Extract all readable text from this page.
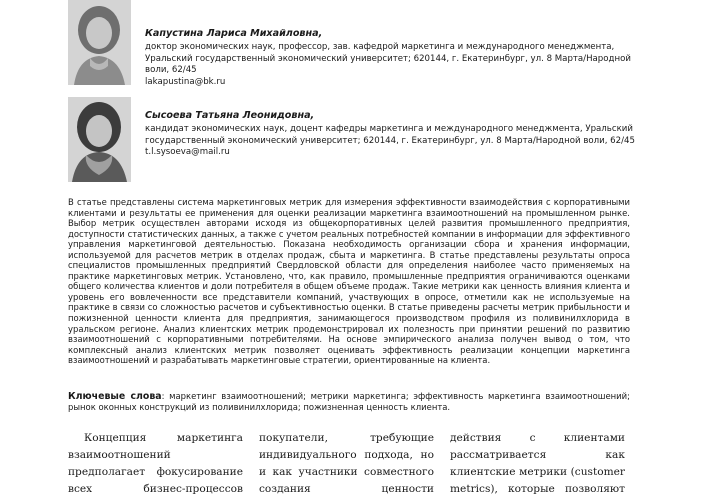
Капустина Лариса Михайловна,
доктор экономических наук, профессор, зав. кафедрой маркетинга и международного менеджмента, Уральский государственный экономический университет; 620144, г. Екатеринбург, ул. 8 Марта/Народной воли, 62/45
lakapustina@bk.ru
Сысоева Татьяна Леонидовна,
кандидат экономических наук, доцент кафедры маркетинга и международного менеджмента, Уральский государственный экономический университет; 620144, г. Екатеринбург, ул. 8 Марта/Народной воли, 62/45
t.l.sysoeva@mail.ru
В статье представлены система маркетинговых метрик для измерения эффективности взаимодействия с корпоративными клиентами и результаты ее применения для оценки реализации маркетинга взаимоотношений на промышленном рынке. Выбор метрик осуществлен авторами исходя из общекорпоративных целей развития промышленного предприятия, доступности статистических данных, а также с учетом реальных потребностей компании в информации для эффективного управления маркетинговой деятельностью. Показана необходимость организации сбора и хранения информации, используемой для расчетов метрик в отделах продаж, сбыта и маркетинга. В статье представлены результаты опроса специалистов промышленных предприятий Свердловской области для определения наиболее часто применяемых на практике маркетинговых метрик. Установлено, что, как правило, промышленные предприятия ограничиваются оценками общего количества клиентов и доли потребителя в общем объеме продаж. Такие метрики как ценность влияния клиента и уровень его вовлеченности все представители компаний, участвующих в опросе, отметили как не используемые на практике в связи со сложностью расчетов и субъективностью оценки. В статье приведены расчеты метрик прибыльности и пожизненной ценности клиента для предприятия, занимающегося производством профиля из поливинилхлорида в уральском регионе. Анализ клиентских метрик продемонстрировал их полезность при принятии решений по развитию взаимоотношений с корпоративными потребителями. На основе эмпирического анализа получен вывод о том, что комплексный анализ клиентских метрик позволяет оценивать эффективность реализации концепции маркетинга взаимоотношений и разрабатывать маркетинговые стратегии, ориентированные на клиента.
Ключевые слова: маркетинг взаимоотношений; метрики маркетинга; эффективность маркетинга взаимоотношений; рынок оконных конструкций из поливинилхлорида; пожизненная ценность клиента.
Концепция маркетинга взаимоотношений предполагает фокусирование всех бизнес-процессов
покупатели, требующие индивидуального подхода, но и как участники совместного создания ценности
действия с клиентами рассматривается как клиентские метрики (customer metrics), которые позволяют
